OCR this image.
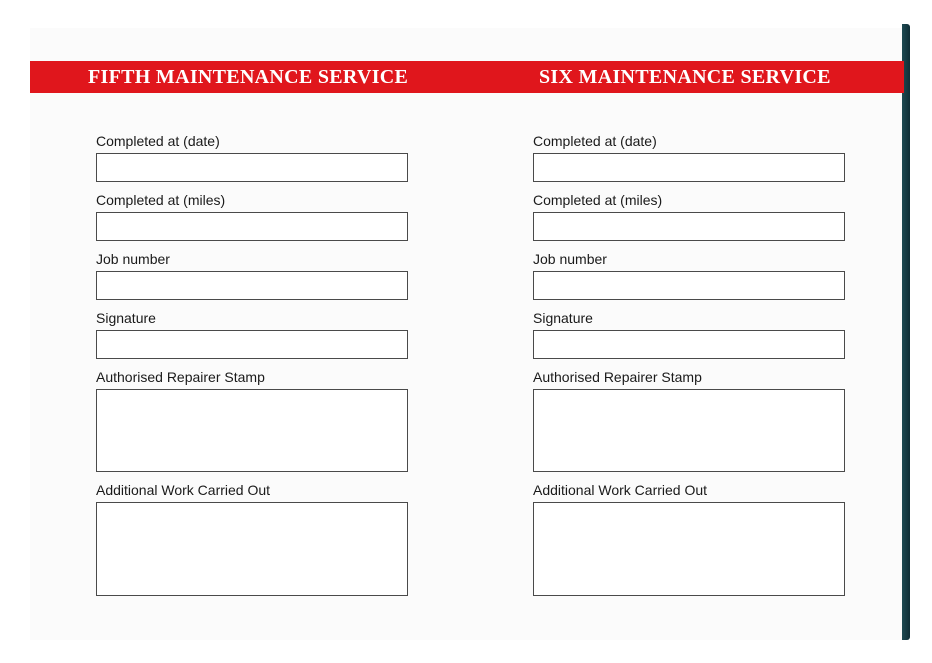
FIFTH MAINTENANCE SERVICE	SIX MAINTENANCE SERVICE
Completed at (date)
Completed at (miles)
Job number
Signature
Authorised Repairer Stamp
Additional Work Carried Out
Completed at (date)
Completed at (miles)
Job number
Signature
Authorised Repairer Stamp
Additional Work Carried Out
